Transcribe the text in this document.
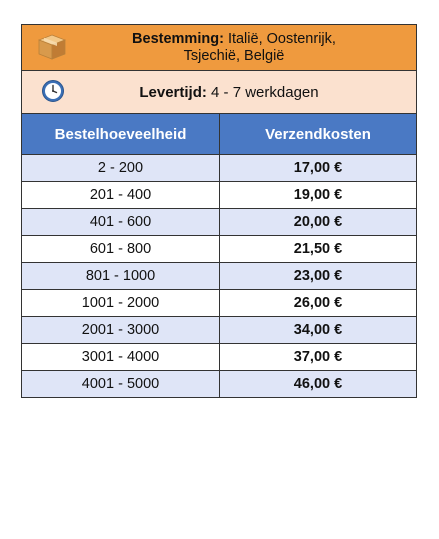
Bestemming: Italië, Oostenrijk,
Tsjechië, België
Levertijd: 4 - 7 werkdagen
Bestelhoeveelheid	Verzendkosten
2 - 200	17,00 €
201 - 400	19,00 €
401 - 600	20,00 €
601 - 800	21,50 €
801 - 1000	23,00 €
1001 - 2000	26,00 €
2001 - 3000	34,00 €
3001 - 4000	37,00 €
4001 - 5000	46,00 €
